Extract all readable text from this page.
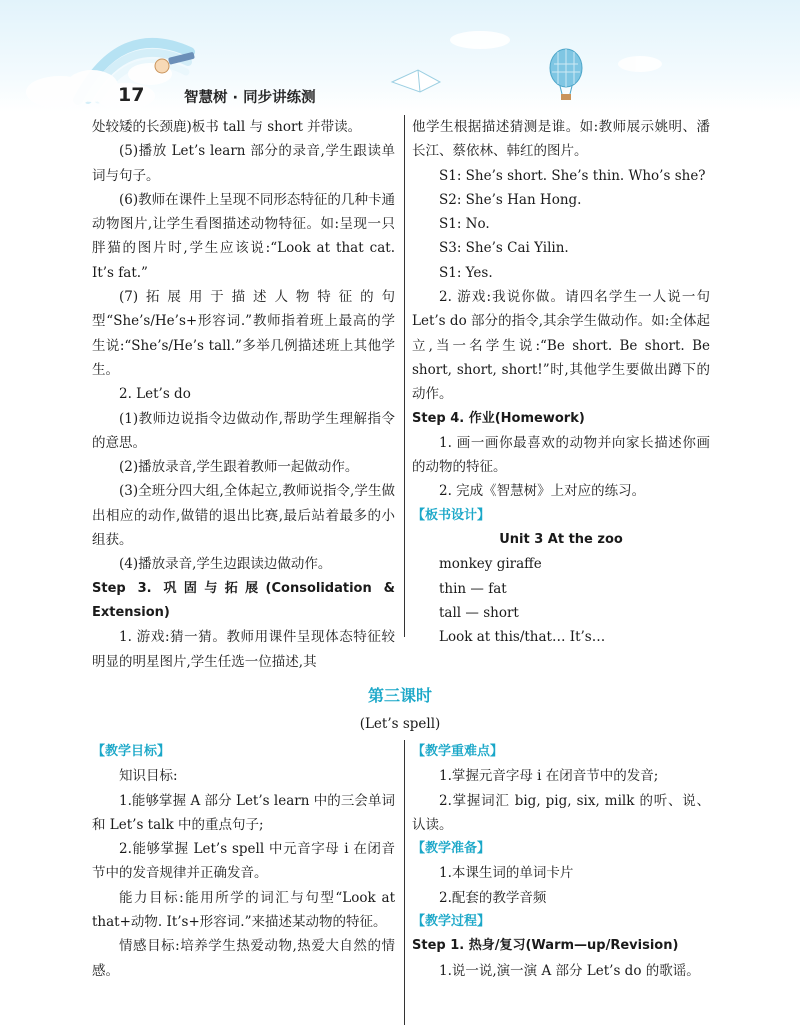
17	智慧树 · 同步讲练测

处较矮的长颈鹿)板书 tall 与 short 并带读。

(5)播放 Let’s learn 部分的录音,学生跟读单词与句子。

(6)教师在课件上呈现不同形态特征的几种卡通动物图片,让学生看图描述动物特征。如:呈现一只胖猫的图片时,学生应该说:“Look at that cat. It’s fat.”

(7)拓展用于描述人物特征的句型“She’s/He’s+形容词.”教师指着班上最高的学生说:“She’s/He’s tall.”多举几例描述班上其他学生。

2. Let’s do

(1)教师边说指令边做动作,帮助学生理解指令的意思。

(2)播放录音,学生跟着教师一起做动作。

(3)全班分四大组,全体起立,教师说指令,学生做出相应的动作,做错的退出比赛,最后站着最多的小组获。

(4)播放录音,学生边跟读边做动作。

Step 3. 巩固与拓展(Consolidation & Extension)

1. 游戏:猜一猜。教师用课件呈现体态特征较明显的明星图片,学生任选一位描述,其

他学生根据描述猜测是谁。如:教师展示姚明、潘长江、蔡依林、韩红的图片。

S1: She’s short. She’s thin. Who’s she?

S2: She’s Han Hong.

S1: No.

S3: She’s Cai Yilin.

S1: Yes.

2. 游戏:我说你做。请四名学生一人说一句 Let’s do 部分的指令,其余学生做动作。如:全体起立,当一名学生说:“Be short. Be short. Be short, short, short!”时,其他学生要做出蹲下的动作。

Step 4. 作业(Homework)

1. 画一画你最喜欢的动物并向家长描述你画的动物的特征。

2. 完成《智慧树》上对应的练习。

【板书设计】

Unit 3 At the zoo

monkey giraffe

thin — fat

tall — short

Look at this/that… It’s…

第三课时
(Let’s spell)

【教学目标】

知识目标:

1.能够掌握 A 部分 Let’s learn 中的三会单词和 Let’s talk 中的重点句子;

2.能够掌握 Let’s spell 中元音字母 i 在闭音节中的发音规律并正确发音。

能力目标:能用所学的词汇与句型“Look at that+动物. It’s+形容词.”来描述某动物的特征。

情感目标:培养学生热爱动物,热爱大自然的情感。

【教学重难点】

1.掌握元音字母 i 在闭音节中的发音;

2.掌握词汇 big, pig, six, milk 的听、说、认读。

【教学准备】

1.本课生词的单词卡片

2.配套的教学音频

【教学过程】

Step 1. 热身/复习(Warm—up/Revision)

1.说一说,演一演 A 部分 Let’s do 的歌谣。
